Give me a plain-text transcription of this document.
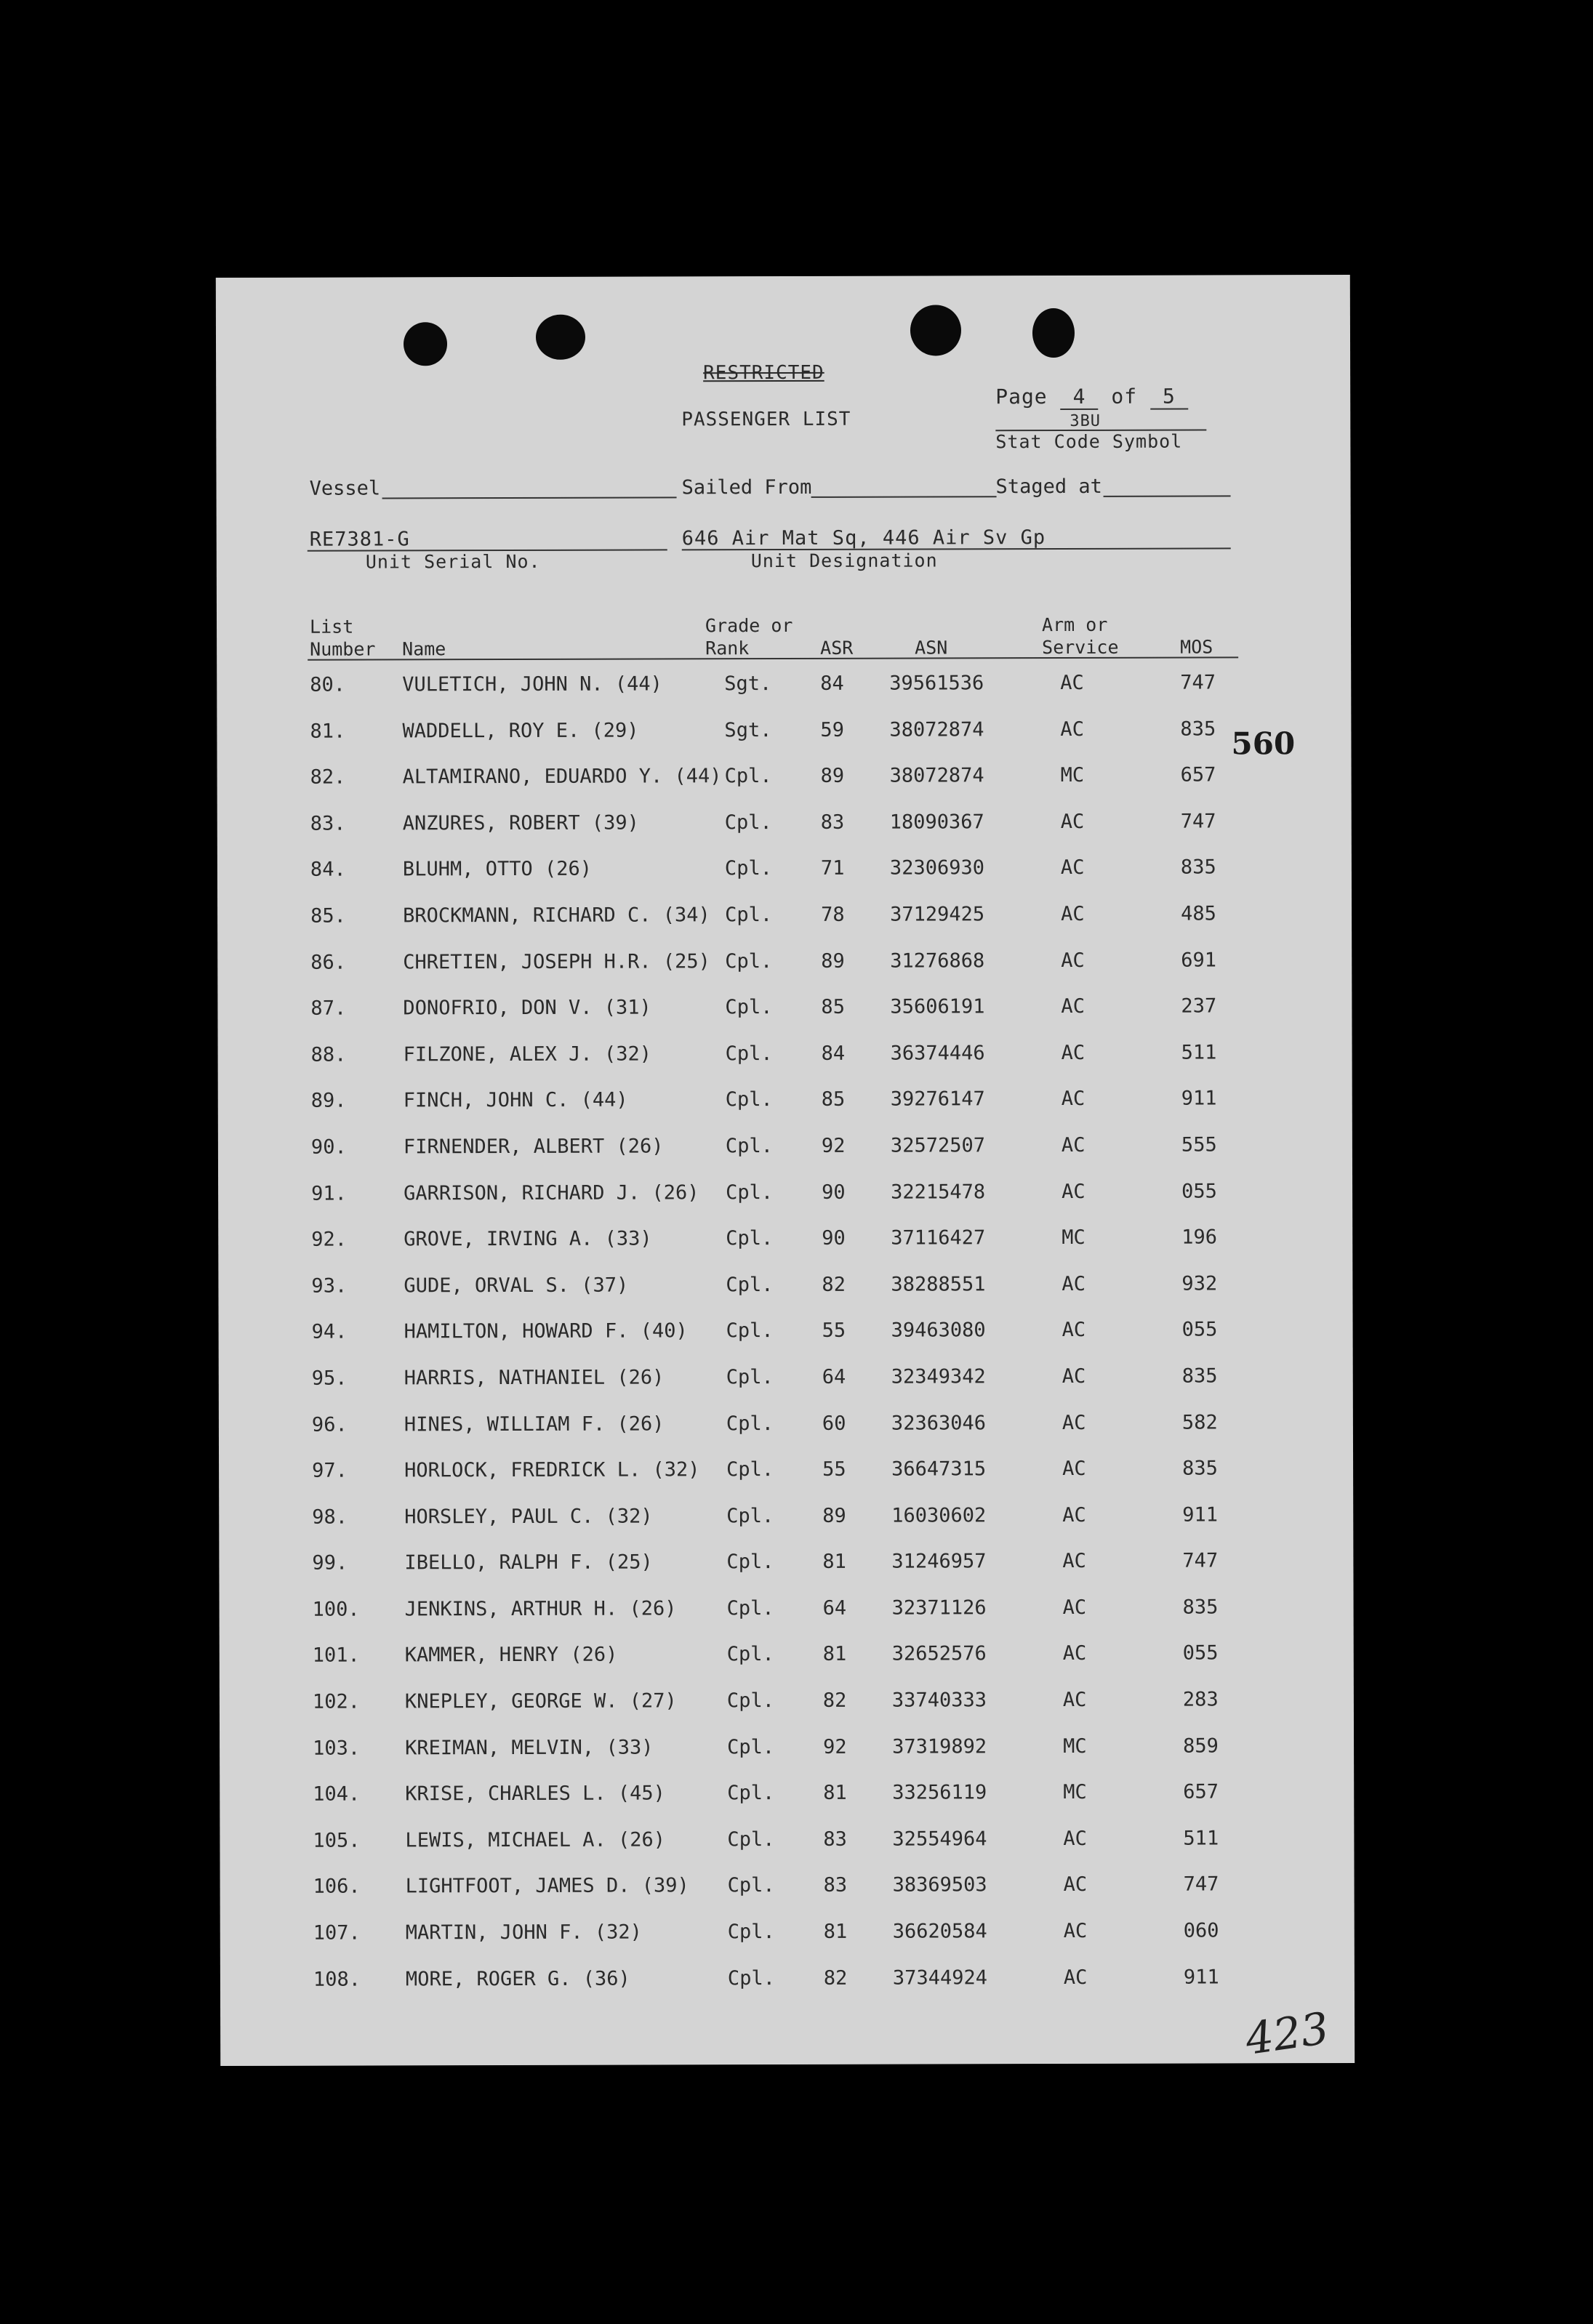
RESTRICTED
PASSENGER LIST
Page 4 of 5
3BU
Stat Code Symbol
Vessel	Sailed From	Staged at
RE7381-G	646 Air Mat Sq, 446 Air Sv Gp
Unit Serial No.	Unit Designation
List
Number Name
Grade or
Rank	ASR	ASN
Arm or
Service	MOS
80.	VULETICH, JOHN N. (44)	Sgt. 84 39561536	AC	747
81.	WADDELL, ROY E. (29)	Sgt. 59 38072874	AC	835
82.	ALTAMIRANO, EDUARDO Y. (44) Cpl. 89 38072874	MC	657
83.	ANZURES, ROBERT (39)	Cpl. 83 18090367	AC	747
84.	BLUHM, OTTO (26)	Cpl. 71 32306930	AC	835
85.	BROCKMANN, RICHARD C. (34) Cpl. 78 37129425	AC	485
86.	CHRETIEN, JOSEPH H.R. (25) Cpl. 89 31276868	AC	691
87.	DONOFRIO, DON V. (31)	Cpl. 85 35606191	AC	237
88.	FILZONE, ALEX J. (32)	Cpl. 84 36374446	AC	511
89.	FINCH, JOHN C. (44)	Cpl. 85 39276147	AC	911
90.	FIRNENDER, ALBERT (26)	Cpl. 92 32572507	AC	555
91.	GARRISON, RICHARD J. (26) Cpl. 90 32215478	AC	055
92.	GROVE, IRVING A. (33)	Cpl. 90 37116427	MC	196
93.	GUDE, ORVAL S. (37)	Cpl. 82 38288551	AC	932
94.	HAMILTON, HOWARD F. (40) Cpl. 55 39463080	AC	055
95.	HARRIS, NATHANIEL (26)	Cpl. 64 32349342	AC	835
96.	HINES, WILLIAM F. (26)	Cpl. 60 32363046	AC	582
97.	HORLOCK, FREDRICK L. (32) Cpl. 55 36647315	AC	835
98.	HORSLEY, PAUL C. (32)	Cpl. 89 16030602	AC	911
99.	IBELLO, RALPH F. (25)	Cpl. 81 31246957	AC	747
100. JENKINS, ARTHUR H. (26)	Cpl. 64 32371126	AC	835
101. KAMMER, HENRY (26)	Cpl. 81 32652576	AC	055
102. KNEPLEY, GEORGE W. (27)	Cpl. 82 33740333	AC	283
103. KREIMAN, MELVIN, (33)	Cpl. 92 37319892	MC	859
104. KRISE, CHARLES L. (45)	Cpl. 81 33256119	MC	657
105. LEWIS, MICHAEL A. (26)	Cpl. 83 32554964	AC	511
106. LIGHTFOOT, JAMES D. (39) Cpl. 83 38369503	AC	747
107. MARTIN, JOHN F. (32)	Cpl. 81 36620584	AC	060
108. MORE, ROGER G. (36)	Cpl. 82 37344924	AC	911
560
423
